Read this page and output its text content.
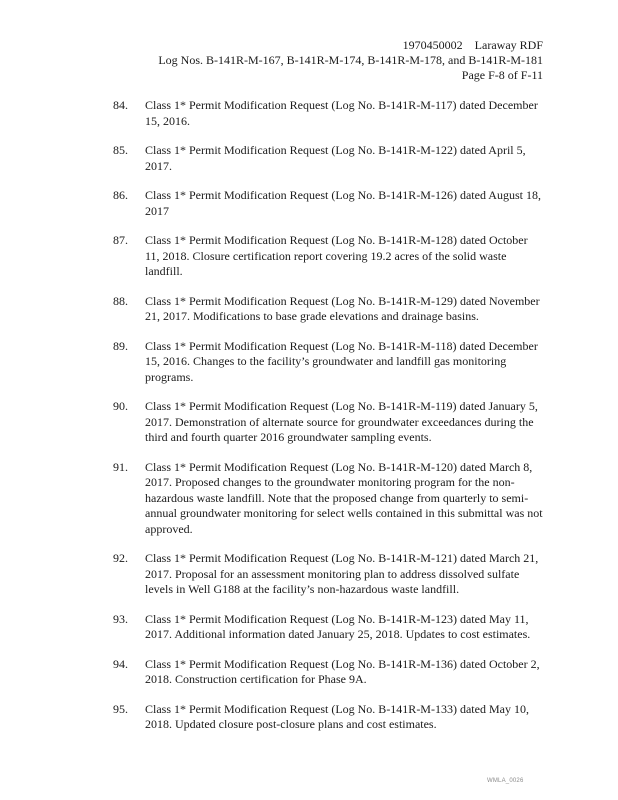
1970450002 Laraway RDF
Log Nos. B-141R-M-167, B-141R-M-174, B-141R-M-178, and B-141R-M-181
Page F-8 of F-11
84.	Class 1* Permit Modification Request (Log No. B-141R-M-117) dated December 15, 2016.
85.	Class 1* Permit Modification Request (Log No. B-141R-M-122) dated April 5, 2017.
86.	Class 1* Permit Modification Request (Log No. B-141R-M-126) dated August 18, 2017
87.	Class 1* Permit Modification Request (Log No. B-141R-M-128) dated October 11, 2018. Closure certification report covering 19.2 acres of the solid waste landfill.
88.	Class 1* Permit Modification Request (Log No. B-141R-M-129) dated November 21, 2017. Modifications to base grade elevations and drainage basins.
89.	Class 1* Permit Modification Request (Log No. B-141R-M-118) dated December 15, 2016. Changes to the facility’s groundwater and landfill gas monitoring programs.
90.	Class 1* Permit Modification Request (Log No. B-141R-M-119) dated January 5, 2017. Demonstration of alternate source for groundwater exceedances during the third and fourth quarter 2016 groundwater sampling events.
91.	Class 1* Permit Modification Request (Log No. B-141R-M-120) dated March 8, 2017. Proposed changes to the groundwater monitoring program for the non-hazardous waste landfill. Note that the proposed change from quarterly to semi-annual groundwater monitoring for select wells contained in this submittal was not approved.
92.	Class 1* Permit Modification Request (Log No. B-141R-M-121) dated March 21, 2017. Proposal for an assessment monitoring plan to address dissolved sulfate levels in Well G188 at the facility’s non-hazardous waste landfill.
93.	Class 1* Permit Modification Request (Log No. B-141R-M-123) dated May 11, 2017. Additional information dated January 25, 2018. Updates to cost estimates.
94.	Class 1* Permit Modification Request (Log No. B-141R-M-136) dated October 2, 2018. Construction certification for Phase 9A.
95.	Class 1* Permit Modification Request (Log No. B-141R-M-133) dated May 10, 2018. Updated closure post-closure plans and cost estimates.
WMLA_0026
